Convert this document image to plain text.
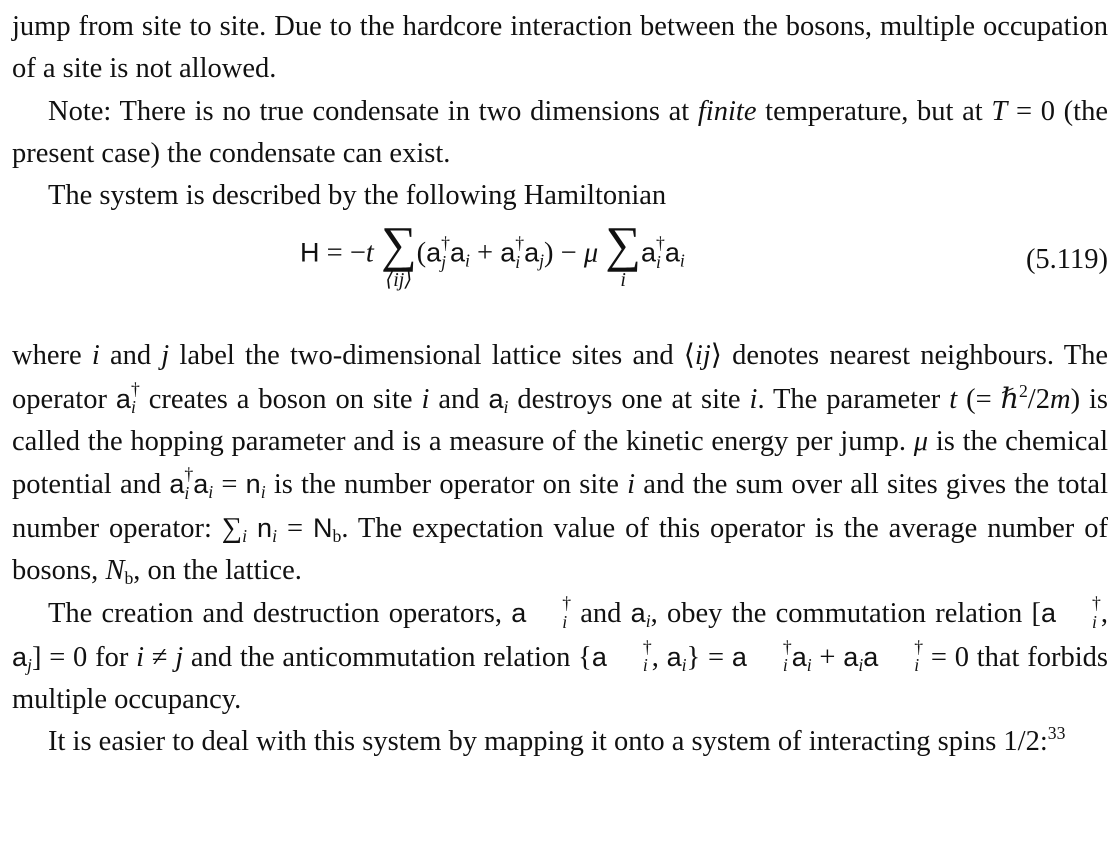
jump from site to site. Due to the hardcore interaction between the bosons, multiple occupation of a site is not allowed.

Note: There is no true condensate in two dimensions at finite temperature, but at T = 0 (the present case) the condensate can exist.

The system is described by the following Hamiltonian

H = −t ∑
⟨ij⟩
(a †
j $a_i + a$ †
i $a_j) - \mu$ ∑
i
a †
i $a_i$	(5.119)

where i and j label the two-dimensional lattice sites and ⟨ij⟩ denotes nearest neighbours. The operator a †
i creates a boson on site i and $a_i$ destroys one at site i. The parameter t (= ℏ$^2$/2m) is called the hopping parameter and is a measure of the kinetic energy per jump. μ is the chemical potential and a †
i $a_i = n_i$ is the number operator on site i and the sum over all sites gives the total number operator: $\sum_i$ $n_i = N_b$. The expectation value of this operator is the average number of bosons, $N_b$, on the lattice.

The creation and destruction operators, a	†
i and $a_i$, obey the commutation relation [a	†
i , $a_j] = 0$ for i ≠ j and the anticommutation relation {a	†
i , $a_i\} = a$	†
i $a_i + a_ia$	†
i = 0 that forbids multiple occupancy.

It is easier to deal with this system by mapping it onto a system of interacting spins 1/2:$^{33}$
